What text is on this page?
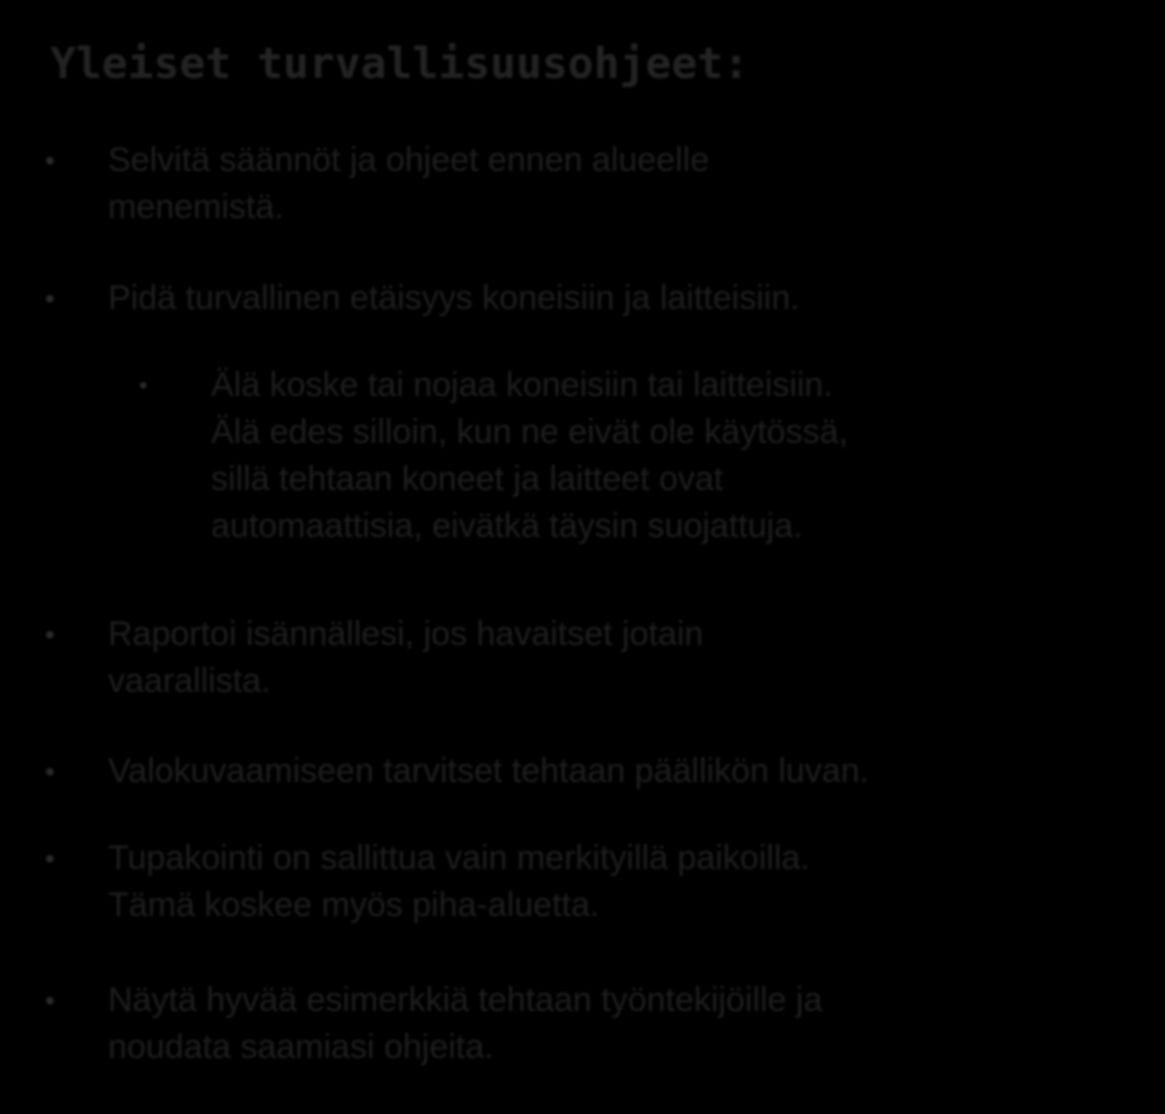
Yleiset turvallisuusohjeet:
• Selvitä säännöt ja ohjeet ennen alueelle

menemistä.

• Pidä turvallinen etäisyys koneisiin ja laitteisiin.

•	Älä koske tai nojaa koneisiin tai laitteisiin.

Älä edes silloin, kun ne eivät ole käytössä,

sillä tehtaan koneet ja laitteet ovat

automaattisia, eivätkä täysin suojattuja.

• Raportoi isännällesi, jos havaitset jotain

vaarallista.

• Valokuvaamiseen tarvitset tehtaan päällikön luvan.

• Tupakointi on sallittua vain merkityillä paikoilla.

Tämä koskee myös piha-aluetta.

• Näytä hyvää esimerkkiä tehtaan työntekijöille ja

noudata saamiasi ohjeita.
